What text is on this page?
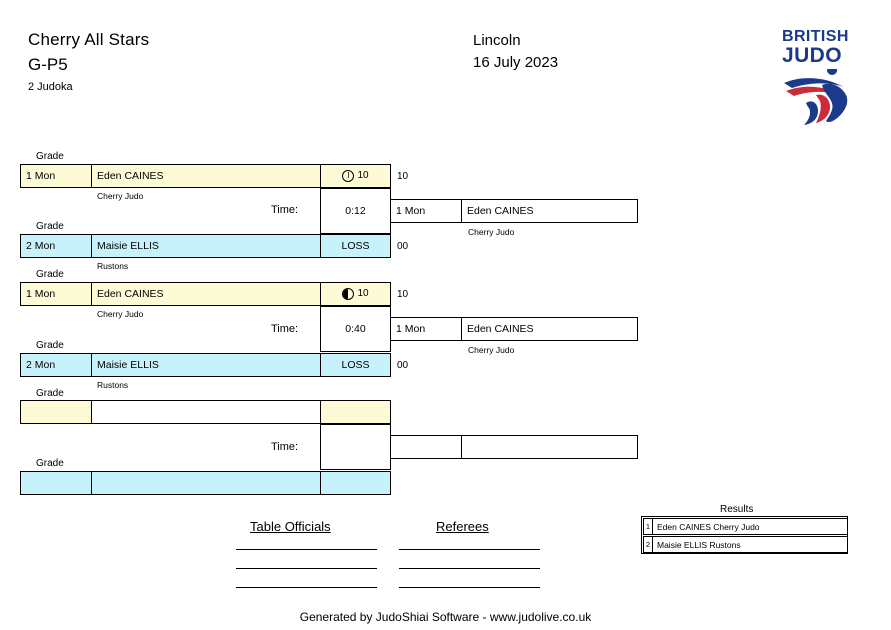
Cherry All Stars
G-P5
2 Judoka
Lincoln
16 July 2023
BRITISH
JUDO
Grade
1 Mon	Eden CAINES	I 10	10
Cherry Judo
Time:	0:12
Grade
2 Mon	Maisie ELLIS	LOSS	00
Rustons
1 Mon	Eden CAINES
Cherry Judo
Grade
1 Mon	Eden CAINES	10	10
Cherry Judo
Time:	0:40
Grade
2 Mon	Maisie ELLIS	LOSS	00
Rustons
1 Mon	Eden CAINES
Cherry Judo
Grade
Time:
Grade
Table Officials	Referees
Results
1 Eden CAINES Cherry Judo
2 Maisie ELLIS Rustons
Generated by JudoShiai Software - www.judolive.co.uk
